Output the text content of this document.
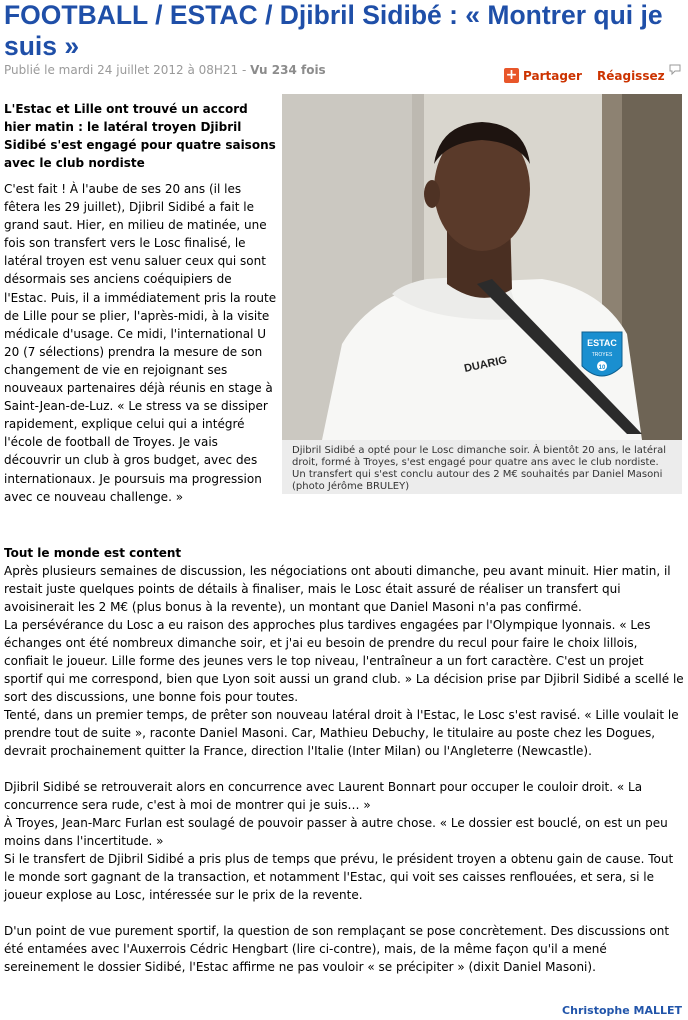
FOOTBALL / ESTAC / Djibril Sidibé : « Montrer qui je suis »
Publié le mardi 24 juillet 2012 à 08H21 - Vu 234 fois	+ Partager Réagissez

L'Estac et Lille ont trouvé un accord hier matin : le latéral troyen Djibril Sidibé s'est engagé pour quatre saisons avec le club nordiste

C'est fait ! À l'aube de ses 20 ans (il les fêtera les 29 juillet), Djibril Sidibé a fait le grand saut. Hier, en milieu de matinée, une fois son transfert vers le Losc finalisé, le latéral troyen est venu saluer ceux qui sont désormais ses anciens coéquipiers de l'Estac. Puis, il a immédiatement pris la route de Lille pour se plier, l'après-midi, à la visite médicale d'usage. Ce midi, l'international U 20 (7 sélections) prendra la mesure de son changement de vie en rejoignant ses nouveaux partenaires déjà réunis en stage à Saint-Jean-de-Luz. « Le stress va se dissiper rapidement, explique celui qui a intégré l'école de football de Troyes. Je vais découvrir un club à gros budget, avec des internationaux. Je poursuis ma progression avec ce nouveau challenge. »

DUARIG
ESTAC
TROYES
10
Djibril Sidibé a opté pour le Losc dimanche soir. À bientôt 20 ans, le latéral droit, formé à Troyes, s'est engagé pour quatre ans avec le club nordiste. Un transfert qui s'est conclu autour des 2 M€ souhaités par Daniel Masoni (photo Jérôme BRULEY)

Tout le monde est content

Après plusieurs semaines de discussion, les négociations ont abouti dimanche, peu avant minuit. Hier matin, il restait juste quelques points de détails à finaliser, mais le Losc était assuré de réaliser un transfert qui avoisinerait les 2 M€ (plus bonus à la revente), un montant que Daniel Masoni n'a pas confirmé.

La persévérance du Losc a eu raison des approches plus tardives engagées par l'Olympique lyonnais. « Les échanges ont été nombreux dimanche soir, et j'ai eu besoin de prendre du recul pour faire le choix lillois, confiait le joueur. Lille forme des jeunes vers le top niveau, l'entraîneur a un fort caractère. C'est un projet sportif qui me correspond, bien que Lyon soit aussi un grand club. » La décision prise par Djibril Sidibé a scellé le sort des discussions, une bonne fois pour toutes.

Tenté, dans un premier temps, de prêter son nouveau latéral droit à l'Estac, le Losc s'est ravisé. « Lille voulait le prendre tout de suite », raconte Daniel Masoni. Car, Mathieu Debuchy, le titulaire au poste chez les Dogues, devrait prochainement quitter la France, direction l'Italie (Inter Milan) ou l'Angleterre (Newcastle).

Djibril Sidibé se retrouverait alors en concurrence avec Laurent Bonnart pour occuper le couloir droit. « La concurrence sera rude, c'est à moi de montrer qui je suis… »

À Troyes, Jean-Marc Furlan est soulagé de pouvoir passer à autre chose. « Le dossier est bouclé, on est un peu moins dans l'incertitude. »

Si le transfert de Djibril Sidibé a pris plus de temps que prévu, le président troyen a obtenu gain de cause. Tout le monde sort gagnant de la transaction, et notamment l'Estac, qui voit ses caisses renflouées, et sera, si le joueur explose au Losc, intéressée sur le prix de la revente.

D'un point de vue purement sportif, la question de son remplaçant se pose concrètement. Des discussions ont été entamées avec l'Auxerrois Cédric Hengbart (lire ci-contre), mais, de la même façon qu'il a mené sereinement le dossier Sidibé, l'Estac affirme ne pas vouloir « se précipiter » (dixit Daniel Masoni).

Christophe MALLET
